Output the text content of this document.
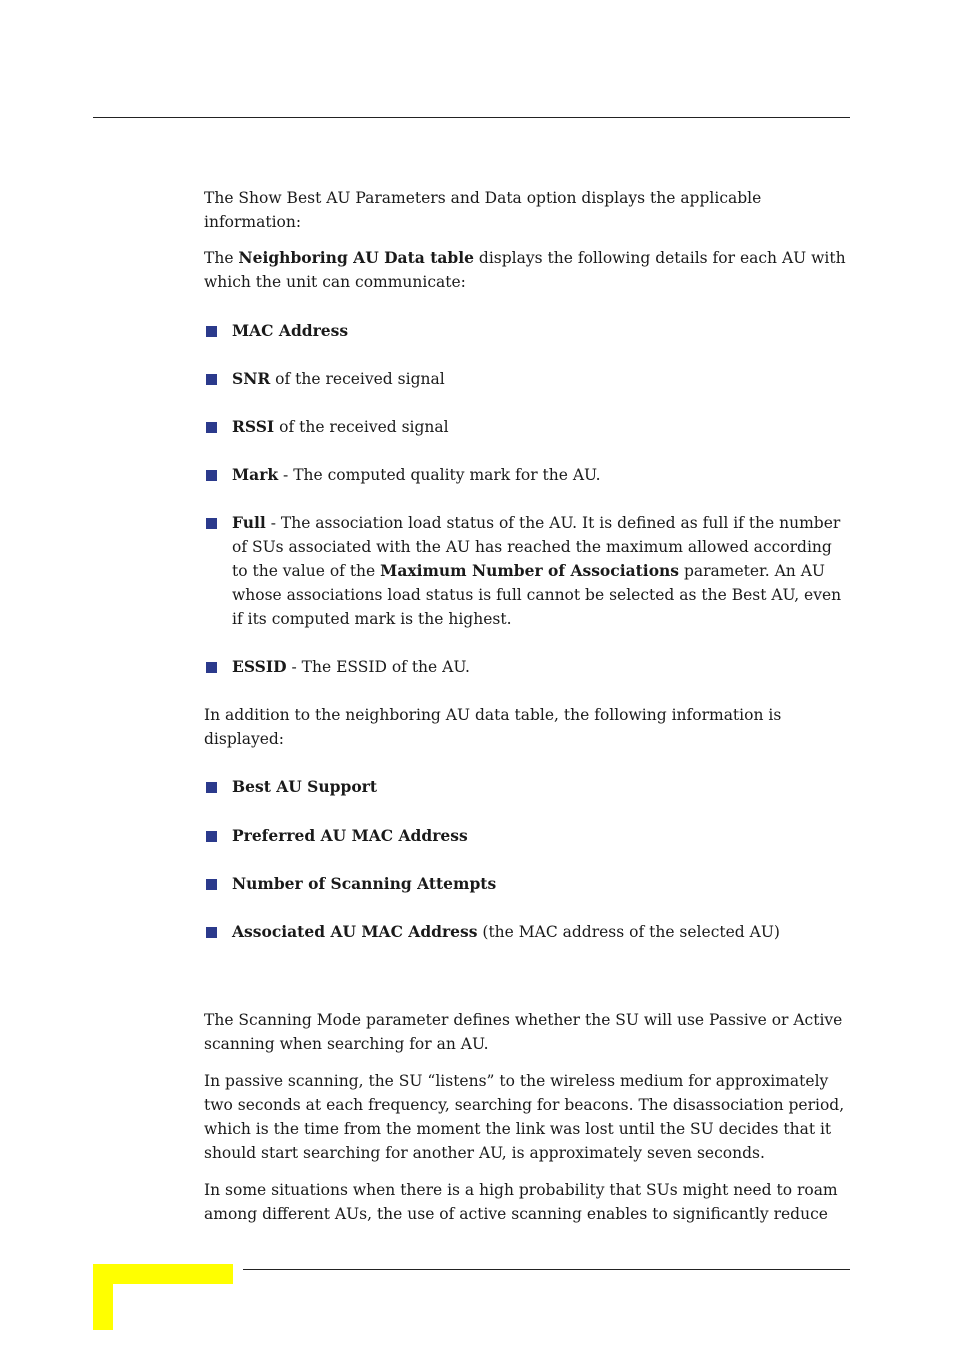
The Show Best AU Parameters and Data option displays the applicable information:

The Neighboring AU Data table displays the following details for each AU with which the unit can communicate:

MAC Address
SNR of the received signal
RSSI of the received signal
Mark - The computed quality mark for the AU.
Full - The association load status of the AU. It is defined as full if the number of SUs associated with the AU has reached the maximum allowed according to the value of the Maximum Number of Associations parameter. An AU whose associations load status is full cannot be selected as the Best AU, even if its computed mark is the highest.
ESSID - The ESSID of the AU.

In addition to the neighboring AU data table, the following information is displayed:

Best AU Support
Preferred AU MAC Address
Number of Scanning Attempts
Associated AU MAC Address (the MAC address of the selected AU)

The Scanning Mode parameter defines whether the SU will use Passive or Active scanning when searching for an AU.

In passive scanning, the SU “listens” to the wireless medium for approximately two seconds at each frequency, searching for beacons. The disassociation period, which is the time from the moment the link was lost until the SU decides that it should start searching for another AU, is approximately seven seconds.

In some situations when there is a high probability that SUs might need to roam among different AUs, the use of active scanning enables to significantly reduce
